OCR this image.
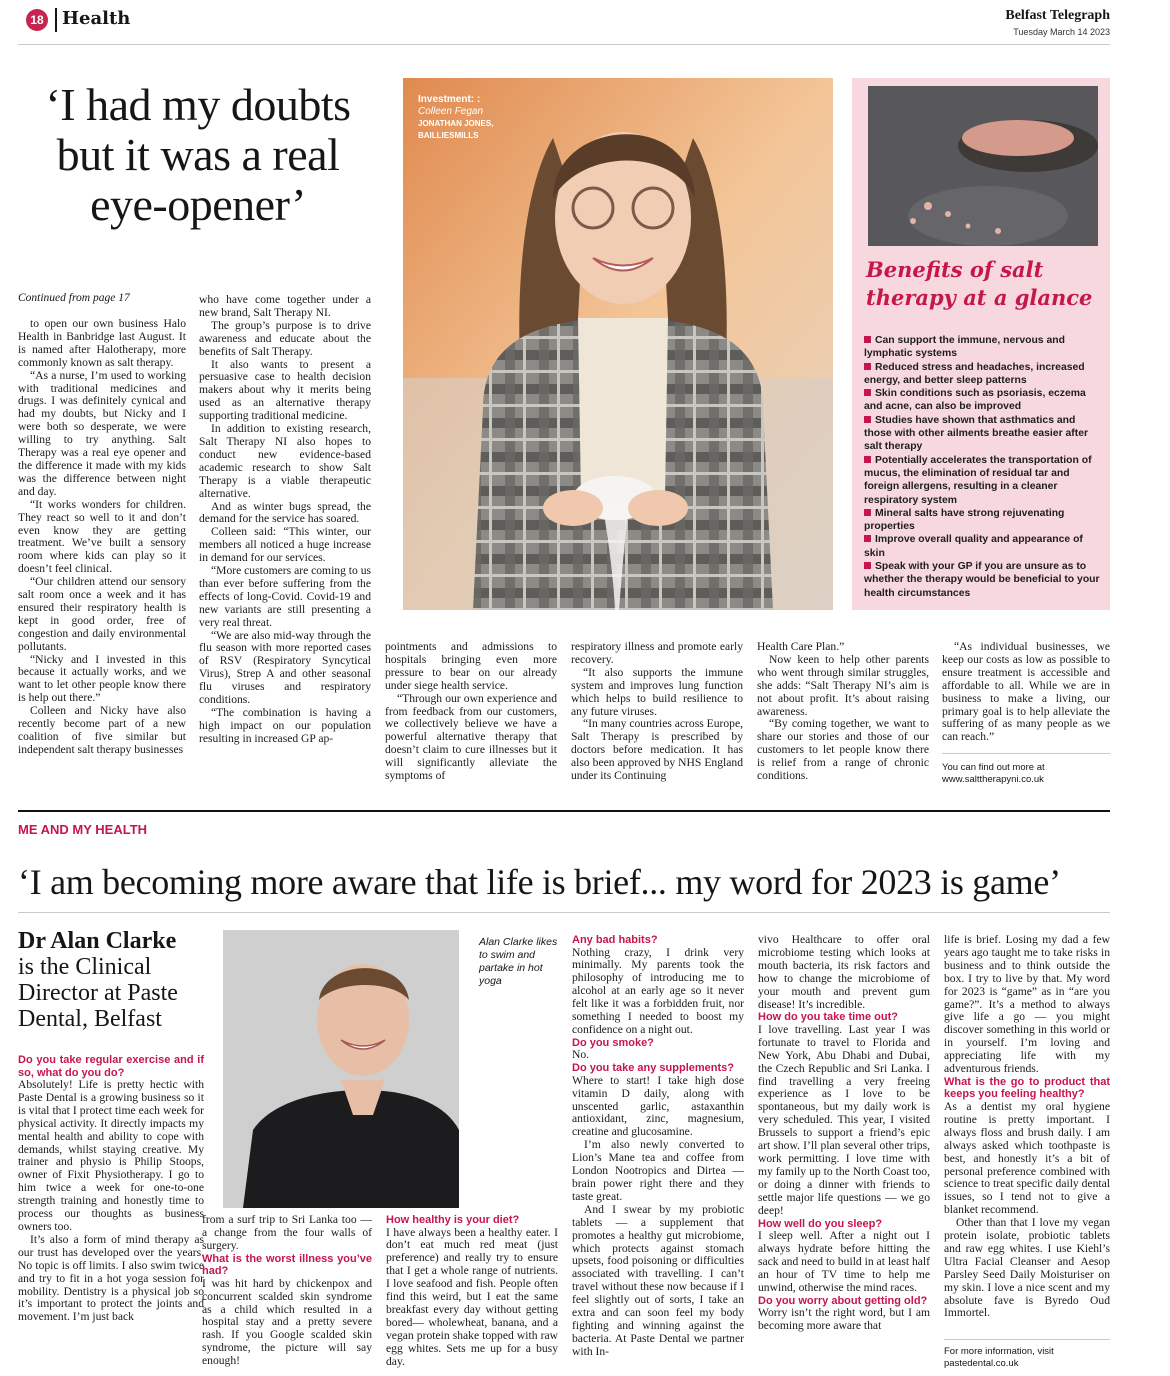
18 Health	Belfast Telegraph
Tuesday March 14 2023
‘I had my doubts but it was a real eye-opener’
Continued from page 17

to open our own business Halo Health in Banbridge last August. It is named after Halotherapy, more commonly known as salt therapy.

“As a nurse, I’m used to working with traditional medicines and drugs. I was definitely cynical and had my doubts, but Nicky and I were both so desperate, we were willing to try anything. Salt Therapy was a real eye opener and the difference it made with my kids was the difference between night and day.

“It works wonders for children. They react so well to it and don’t even know they are getting treatment. We’ve built a sensory room where kids can play so it doesn’t feel clinical.

“Our children attend our sensory salt room once a week and it has ensured their respiratory health is kept in good order, free of congestion and daily environmental pollutants.

“Nicky and I invested in this because it actually works, and we want to let other people know there is help out there.”

Colleen and Nicky have also recently become part of a new coalition of five similar but independent salt therapy businesses

who have come together under a new brand, Salt Therapy NI.

The group’s purpose is to drive awareness and educate about the benefits of Salt Therapy.

It also wants to present a persuasive case to health decision makers about why it merits being used as an alternative therapy supporting traditional medicine.

In addition to existing research, Salt Therapy NI also hopes to conduct new evidence-based academic research to show Salt Therapy is a viable therapeutic alternative.

And as winter bugs spread, the demand for the service has soared.

Colleen said: “This winter, our members all noticed a huge increase in demand for our services.

“More customers are coming to us than ever before suffering from the effects of long-Covid. Covid-19 and new variants are still presenting a very real threat.

“We are also mid-way through the flu season with more reported cases of RSV (Respiratory Syncytical Virus), Strep A and other seasonal flu viruses and respiratory conditions.

“The combination is having a high impact on our population resulting in increased GP ap-

pointments and admissions to hospitals bringing even more pressure to bear on our already under siege health service.

“Through our own experience and from feedback from our customers, we collectively believe we have a powerful alternative therapy that doesn’t claim to cure illnesses but it will significantly alleviate the symptoms of

respiratory illness and promote early recovery.

“It also supports the immune system and improves lung function which helps to build resilience to any future viruses.

“In many countries across Europe, Salt Therapy is prescribed by doctors before medication. It has also been approved by NHS England under its Continuing

Health Care Plan.”

Now keen to help other parents who went through similar struggles, she adds: “Salt Therapy NI’s aim is not about profit. It’s about raising awareness.

“By coming together, we want to share our stories and those of our customers to let people know there is relief from a range of chronic conditions.

“As individual businesses, we keep our costs as low as possible to ensure treatment is accessible and affordable to all. While we are in business to make a living, our primary goal is to help alleviate the suffering of as many people as we can reach.”

You can find out more at
www.salttherapyni.co.uk
Investment: :
Colleen Fegan
JONATHAN JONES,
BAILLIESMILLS
Benefits of salt therapy at a glance
Can support the immune, nervous and lymphatic systems
Reduced stress and headaches, increased energy, and better sleep patterns
Skin conditions such as psoriasis, eczema and acne, can also be improved
Studies have shown that asthmatics and those with other ailments breathe easier after salt therapy
Potentially accelerates the transportation of mucus, the elimination of residual tar and foreign allergens, resulting in a cleaner respiratory system
Mineral salts have strong rejuvenating properties
Improve overall quality and appearance of skin
Speak with your GP if you are unsure as to whether the therapy would be beneficial to your health circumstances
ME AND MY HEALTH
‘I am becoming more aware that life is brief... my word for 2023 is game’
Dr Alan Clarke
is the Clinical Director at Paste Dental, Belfast
Alan Clarke likes to swim and partake in hot yoga

Do you take regular exercise and if so, what do you do?

Absolutely! Life is pretty hectic with Paste Dental is a growing business so it is vital that I protect time each week for physical activity. It directly impacts my mental health and ability to cope with demands, whilst staying creative. My trainer and physio is Philip Stoops, owner of Fixit Physiotherapy. I go to him twice a week for one-to-one strength training and honestly time to process our thoughts as business owners too.

It’s also a form of mind therapy as our trust has developed over the years. No topic is off limits. I also swim twice and try to fit in a hot yoga session for mobility. Dentistry is a physical job so it’s important to protect the joints and movement. I’m just back

from a surf trip to Sri Lanka too — a change from the four walls of surgery.

What is the worst illness you’ve had?

I was hit hard by chickenpox and concurrent scalded skin syndrome as a child which resulted in a hospital stay and a pretty severe rash. If you Google scalded skin syndrome, the picture will say enough!

How healthy is your diet?

I have always been a healthy eater. I don’t eat much red meat (just preference) and really try to ensure that I get a whole range of nutrients. I love seafood and fish. People often find this weird, but I eat the same breakfast every day without getting bored— wholewheat, banana, and a vegan protein shake topped with raw egg whites. Sets me up for a busy day.

Any bad habits?

Nothing crazy, I drink very minimally. My parents took the philosophy of introducing me to alcohol at an early age so it never felt like it was a forbidden fruit, nor something I needed to boost my confidence on a night out.

Do you smoke?

No.

Do you take any supplements?

Where to start! I take high dose vitamin D daily, along with unscented garlic, astaxanthin antioxidant, zinc, magnesium, creatine and glucosamine.

I’m also newly converted to Lion’s Mane tea and coffee from London Nootropics and Dirtea — brain power right there and they taste great.

And I swear by my probiotic tablets — a supplement that promotes a healthy gut microbiome, which protects against stomach upsets, food poisoning or difficulties associated with travelling. I can’t travel without these now because if I feel slightly out of sorts, I take an extra and can soon feel my body fighting and winning against the bacteria. At Paste Dental we partner with In-

vivo Healthcare to offer oral microbiome testing which looks at mouth bacteria, its risk factors and how to change the microbiome of your mouth and prevent gum disease! It’s incredible.

How do you take time out?

I love travelling. Last year I was fortunate to travel to Florida and New York, Abu Dhabi and Dubai, the Czech Republic and Sri Lanka. I find travelling a very freeing experience as I love to be spontaneous, but my daily work is very scheduled. This year, I visited Brussels to support a friend’s epic art show. I’ll plan several other trips, work permitting. I love time with my family up to the North Coast too, or doing a dinner with friends to settle major life questions — we go deep!

How well do you sleep?

I sleep well. After a night out I always hydrate before hitting the sack and need to build in at least half an hour of TV time to help me unwind, otherwise the mind races.

Do you worry about getting old?

Worry isn’t the right word, but I am becoming more aware that

life is brief. Losing my dad a few years ago taught me to take risks in business and to think outside the box. I try to live by that. My word for 2023 is “game” as in “are you game?”. It’s a method to always give life a go — you might discover something in this world or in yourself. I’m loving and appreciating life with my adventurous friends.

What is the go to product that keeps you feeling healthy?

As a dentist my oral hygiene routine is pretty important. I always floss and brush daily. I am always asked which toothpaste is best, and honestly it’s a bit of personal preference combined with science to treat specific daily dental issues, so I tend not to give a blanket recommend.

Other than that I love my vegan protein isolate, probiotic tablets and raw egg whites. I use Kiehl’s Ultra Facial Cleanser and Aesop Parsley Seed Daily Moisturiser on my skin. I love a nice scent and my absolute fave is Byredo Oud Immortel.

For more information, visit
pastedental.co.uk
